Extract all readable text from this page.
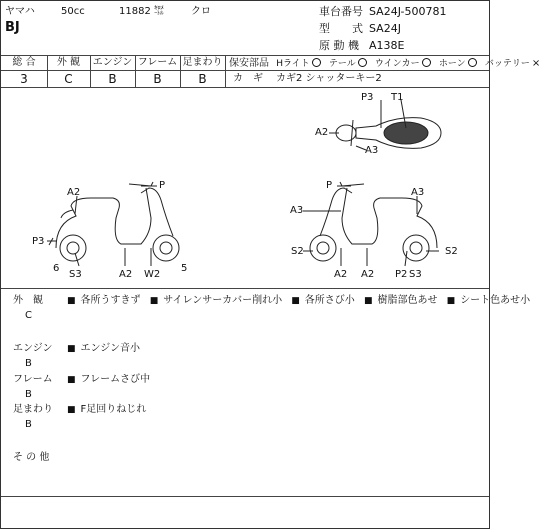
ヤマハ	50cc	11882 ㌖	クロ
BJ
車台番号 SA24J-500781
型　　式 SA24J
原 動 機 A138E
総 合	外 観	エンジン フレーム 足まわり
3	C	B	B	B
保安部品 Hライト ○ テール ○ ウインカー ○ ホーン ○ バッテリー ×
カ　ギ カギ2 シャッターキー2
P3 T1
A2
A3
A2
P
P3
6
S3	A2 W2
5
P
A3
A3
S2	S2
A2 A2 P2 S3
外　観
C
■ 各所うすきず ■ サイレンサーカバー削れ小 ■ 各所さび小 ■ 樹脂部色あせ ■ シート色あせ小
エンジン
B
■ エンジン音小
フレーム
B
■ フレームさび中
足まわり
B
■ F足回りねじれ
そ の 他
